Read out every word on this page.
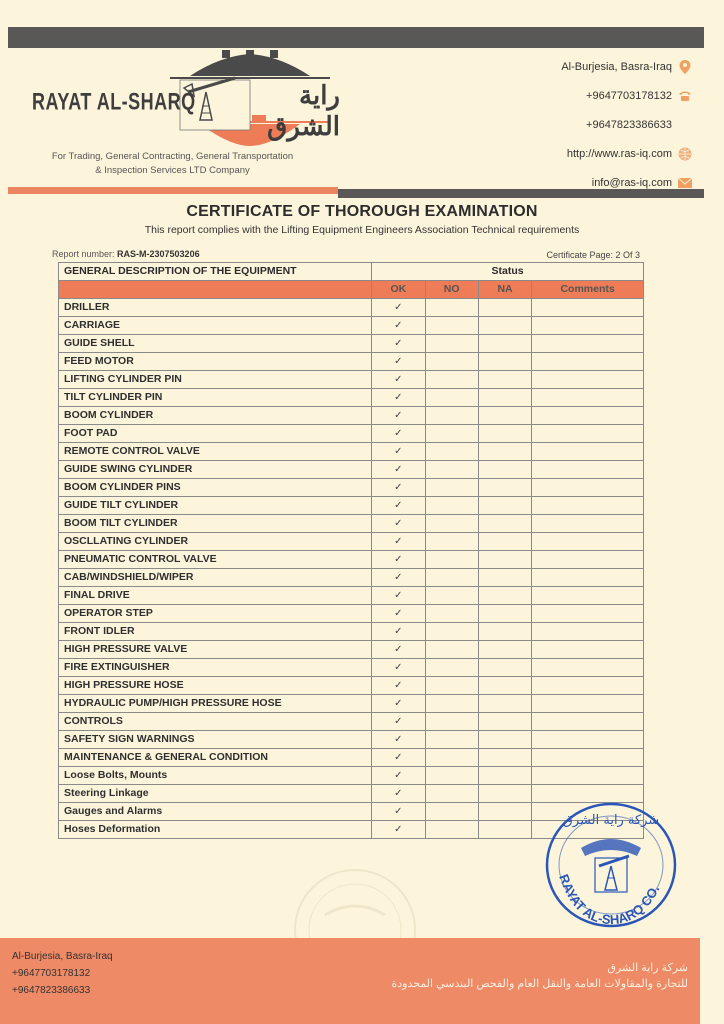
RAYAT AL-SHARQ	راية الشرق
For Trading, General Contracting, General Transportation
& Inspection Services LTD Company
Al-Burjesia, Basra-Iraq
+9647703178132
+9647823386633
http://www.ras-iq.com
info@ras-iq.com
CERTIFICATE OF THOROUGH EXAMINATION
This report complies with the Lifting Equipment Engineers Association Technical requirements
Report number: RAS-M-2307503206	Certificate Page: 2 Of 3
GENERAL DESCRIPTION OF THE EQUIPMENT	Status			
	OK	NO	NA	Comments
DRILLER	✓			
CARRIAGE	✓			
GUIDE SHELL	✓			
FEED MOTOR	✓			
LIFTING CYLINDER PIN	✓			
TILT CYLINDER PIN	✓			
BOOM CYLINDER	✓			
FOOT PAD	✓			
REMOTE CONTROL VALVE	✓			
GUIDE SWING CYLINDER	✓			
BOOM CYLINDER PINS	✓			
GUIDE TILT CYLINDER	✓			
BOOM TILT CYLINDER	✓			
OSCLLATING CYLINDER	✓			
PNEUMATIC CONTROL VALVE	✓			
CAB/WINDSHIELD/WIPER	✓			
FINAL DRIVE	✓			
OPERATOR STEP	✓			
FRONT IDLER	✓			
HIGH PRESSURE VALVE	✓			
FIRE EXTINGUISHER	✓			
HIGH PRESSURE HOSE	✓			
HYDRAULIC PUMP/HIGH PRESSURE HOSE	✓			
CONTROLS	✓			
SAFETY SIGN WARNINGS	✓			
MAINTENANCE & GENERAL CONDITION	✓			
Loose Bolts, Mounts	✓			
Steering Linkage	✓			
Gauges and Alarms	✓			
Hoses Deformation	✓			
شركة راية الشرق
RAYAT AL-SHARQ CO.
Al-Burjesia, Basra-Iraq
+9647703178132
+9647823386633
شركة راية الشرق
للتجارة والمقاولات العامة والنقل العام والفحص البندسي المحدودة
